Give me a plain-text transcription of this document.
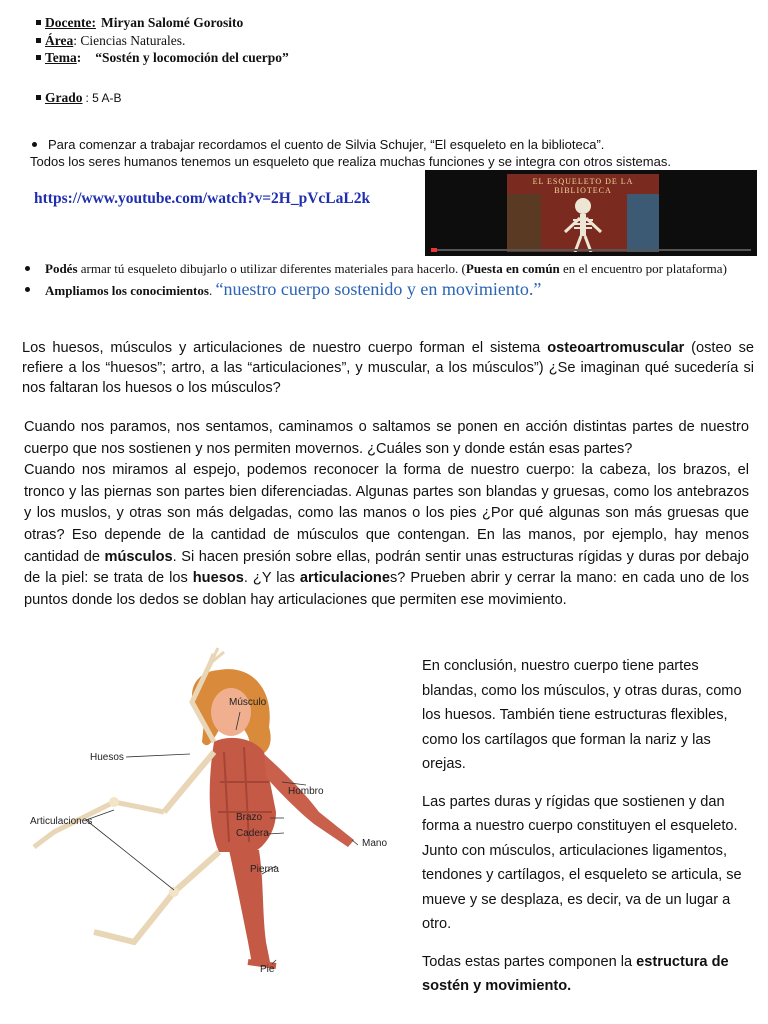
Docente: Miryan Salomé Gorosito
Área : Ciencias Naturales.
Tema : “Sostén y locomoción del cuerpo”
Grado : 5 A-B
Para comenzar a trabajar recordamos el cuento de Silvia Schujer, “El esqueleto en la biblioteca”.
Todos los seres humanos tenemos un esqueleto que realiza muchas funciones y se integra con otros sistemas.
https://www.youtube.com/watch?v=2H_pVcLaL2k
EL ESQUELETO DE LA BIBLIOTECA
Podés armar tú esqueleto dibujarlo o utilizar diferentes materiales para hacerlo. (Puesta en común en el encuentro por plataforma)
Ampliamos los conocimientos. “nuestro cuerpo sostenido y en movimiento.”
Los huesos, músculos y articulaciones de nuestro cuerpo forman el sistema osteoartromuscular (osteo se refiere a los “huesos”; artro, a las “articulaciones”, y muscular, a los músculos”) ¿Se imaginan qué sucedería si nos faltaran los huesos o los músculos?
Cuando nos paramos, nos sentamos, caminamos o saltamos se ponen en acción distintas partes de nuestro cuerpo que nos sostienen y nos permiten movernos. ¿Cuáles son y donde están esas partes?
Cuando nos miramos al espejo, podemos reconocer la forma de nuestro cuerpo: la cabeza, los brazos, el tronco y las piernas son partes bien diferenciadas. Algunas partes son blandas y gruesas, como los antebrazos y los muslos, y otras son más delgadas, como las manos o los pies ¿Por qué algunas son más gruesas que otras? Eso depende de la cantidad de músculos que contengan. En las manos, por ejemplo, hay menos cantidad de músculos. Si hacen presión sobre ellas, podrán sentir unas estructuras rígidas y duras por debajo de la piel: se trata de los huesos. ¿Y las articulaciones? Prueben abrir y cerrar la mano: en cada uno de los puntos donde los dedos se doblan hay articulaciones que permiten ese movimiento.
Músculo
Huesos
Hombro
Articulaciones	Brazo
Cadera
Mano
Pierna
Pie

En conclusión, nuestro cuerpo tiene partes blandas, como los músculos, y otras duras, como los huesos. También tiene estructuras flexibles, como los cartílagos que forman la nariz y las orejas.

Las partes duras y rígidas que sostienen y dan forma a nuestro cuerpo constituyen el esqueleto. Junto con músculos, articulaciones ligamentos, tendones y cartílagos, el esqueleto se articula, se mueve y se desplaza, es decir, va de un lugar a otro.

Todas estas partes componen la estructura de sostén y movimiento.
